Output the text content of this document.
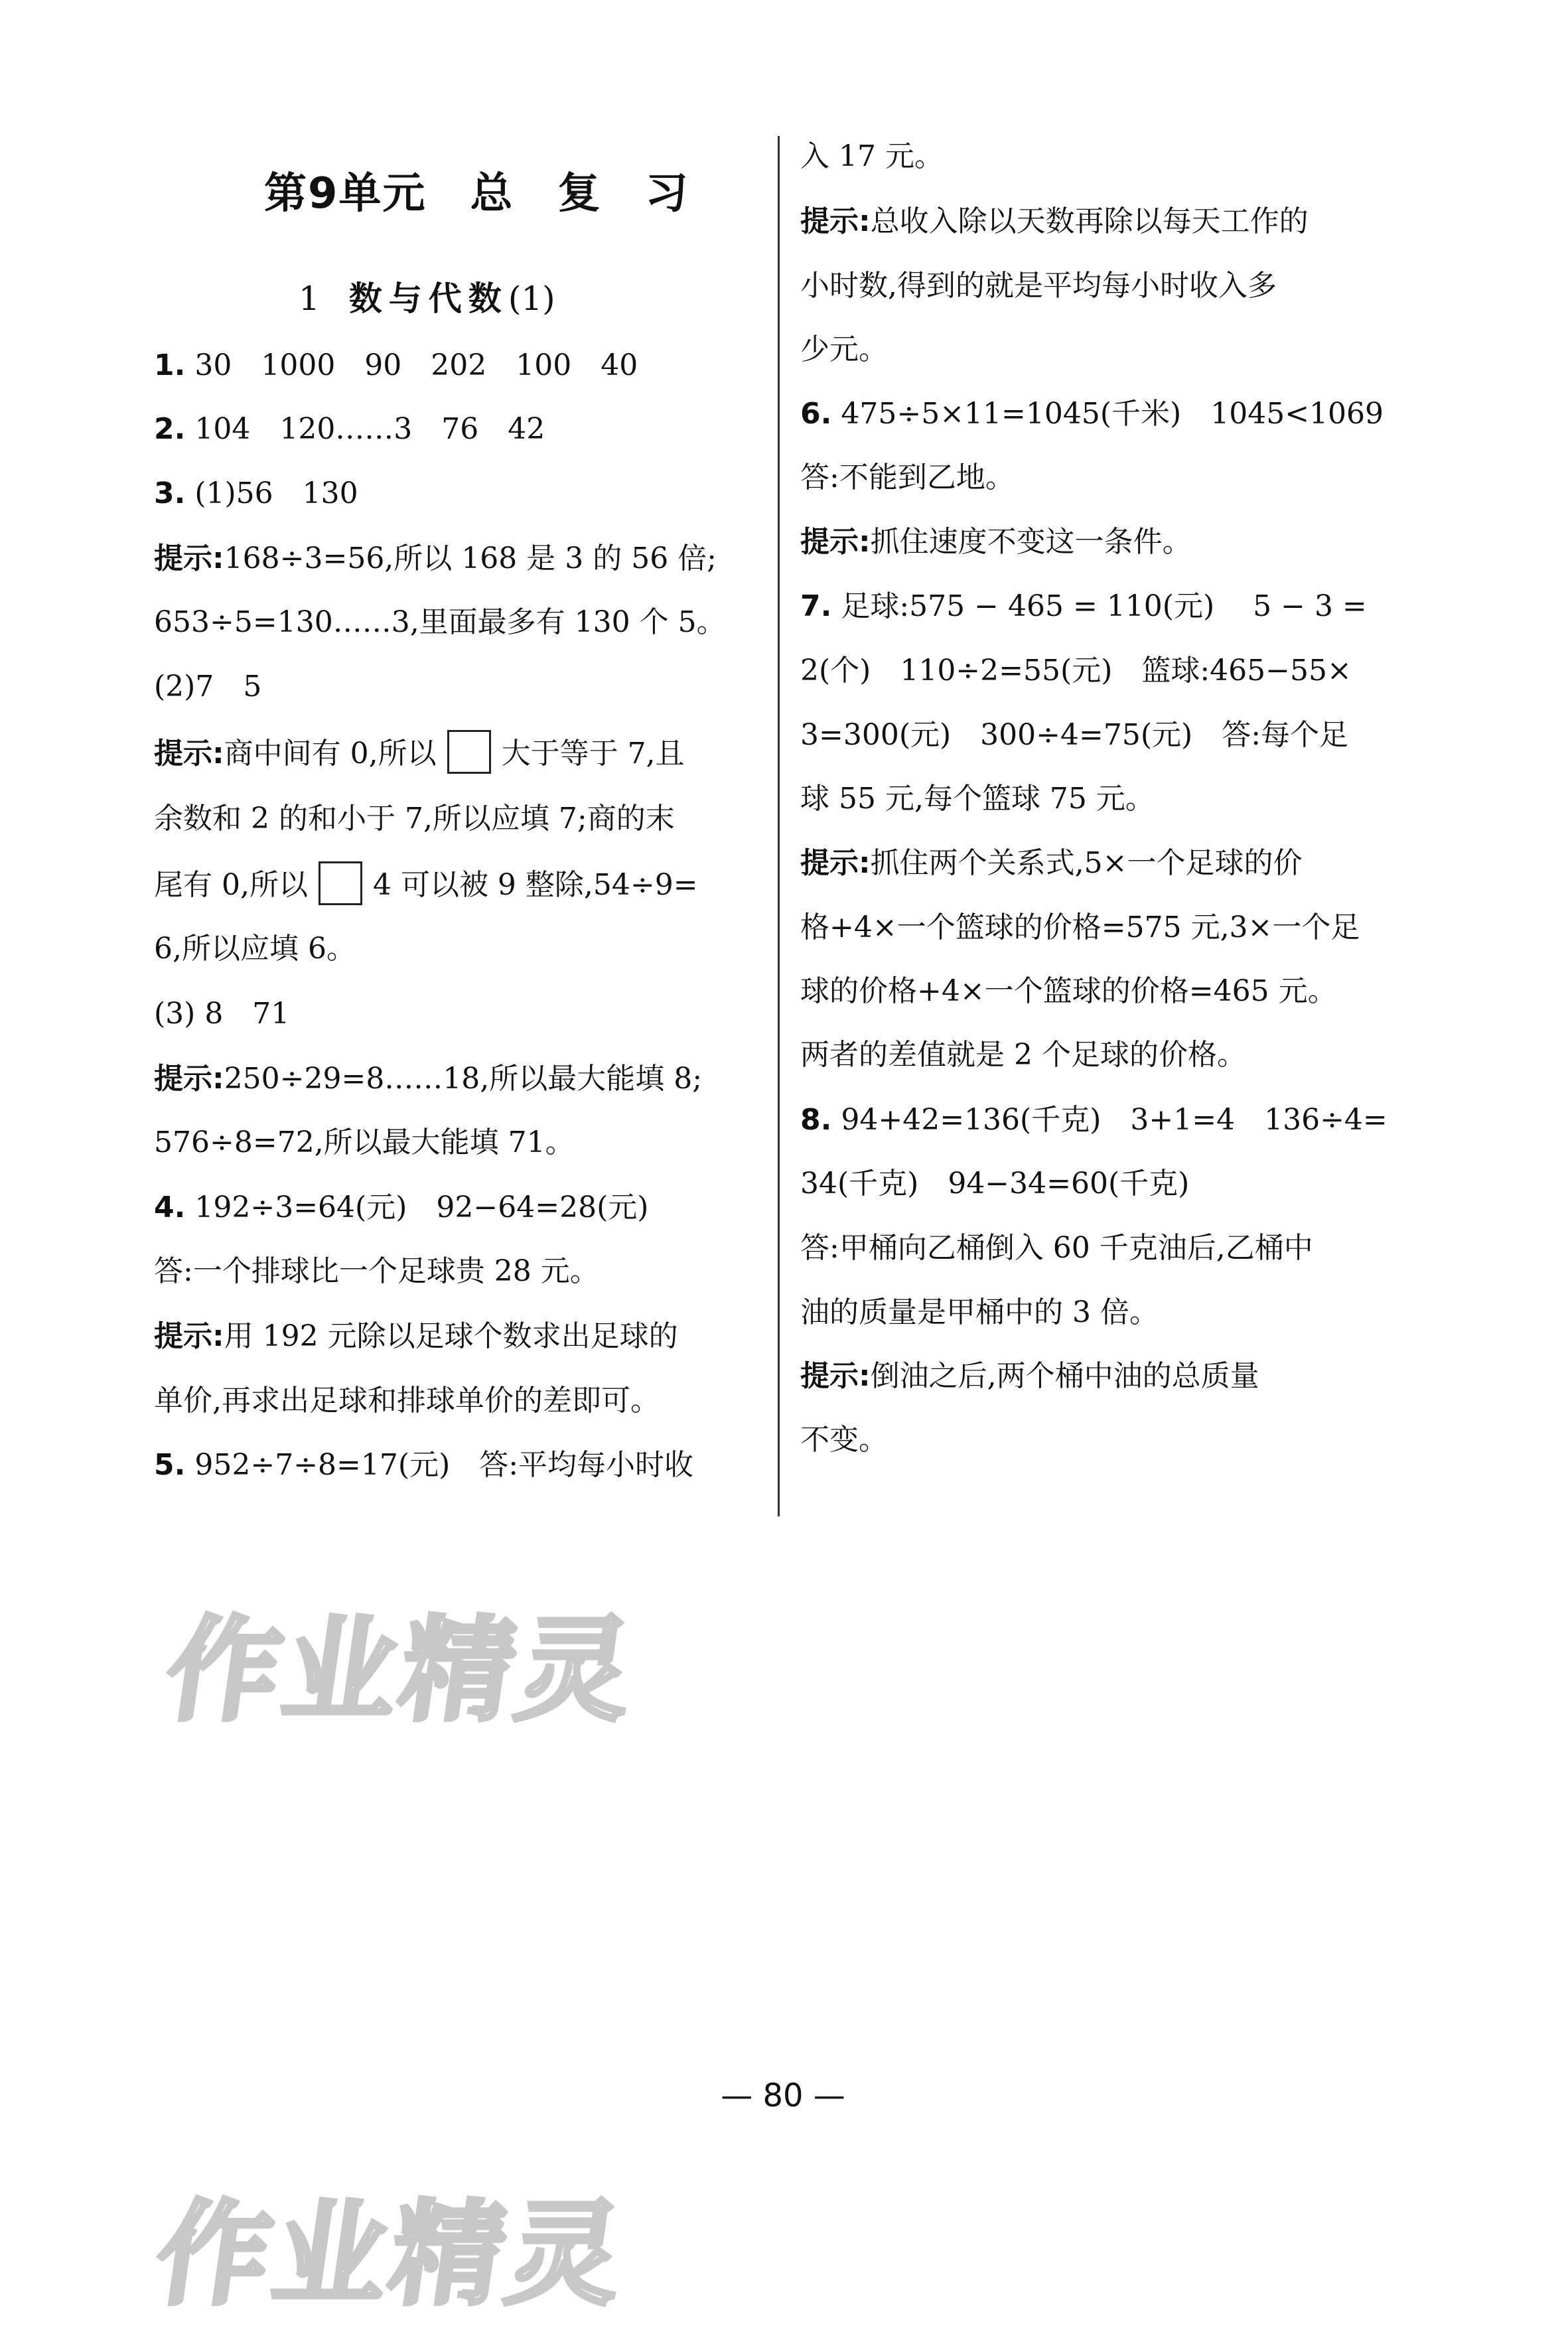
第9单元　总　复　习
1 数与代数(1)
1. 30　1000　90　202　100　40
2. 104　120……3　76　42
3. (1)56　130
提示:168÷3=56,所以 168 是 3 的 56 倍;
653÷5=130……3,里面最多有 130 个 5。
(2)7　5
提示:商中间有 0,所以 大于等于 7,且
余数和 2 的和小于 7,所以应填 7;商的末
尾有 0,所以 4 可以被 9 整除,54÷9=
6,所以应填 6。
(3) 8　71
提示:250÷29=8……18,所以最大能填 8;
576÷8=72,所以最大能填 71。
4. 192÷3=64(元)　92−64=28(元)
答:一个排球比一个足球贵 28 元。
提示:用 192 元除以足球个数求出足球的
单价,再求出足球和排球单价的差即可。
5. 952÷7÷8=17(元)　答:平均每小时收
入 17 元。
提示:总收入除以天数再除以每天工作的
小时数,得到的就是平均每小时收入多
少元。
6. 475÷5×11=1045(千米)　1045<1069
答:不能到乙地。
提示:抓住速度不变这一条件。
7. 足球:575 − 465 = 110(元)　 5 − 3 =
2(个)　110÷2=55(元)　篮球:465−55×
3=300(元)　300÷4=75(元)　答:每个足
球 55 元,每个篮球 75 元。
提示:抓住两个关系式,5×一个足球的价
格+4×一个篮球的价格=575 元,3×一个足
球的价格+4×一个篮球的价格=465 元。
两者的差值就是 2 个足球的价格。
8. 94+42=136(千克)　3+1=4　136÷4=
34(千克)　94−34=60(千克)
答:甲桶向乙桶倒入 60 千克油后,乙桶中
油的质量是甲桶中的 3 倍。
提示:倒油之后,两个桶中油的总质量
不变。
作业精灵
作业精灵
— 80 —
